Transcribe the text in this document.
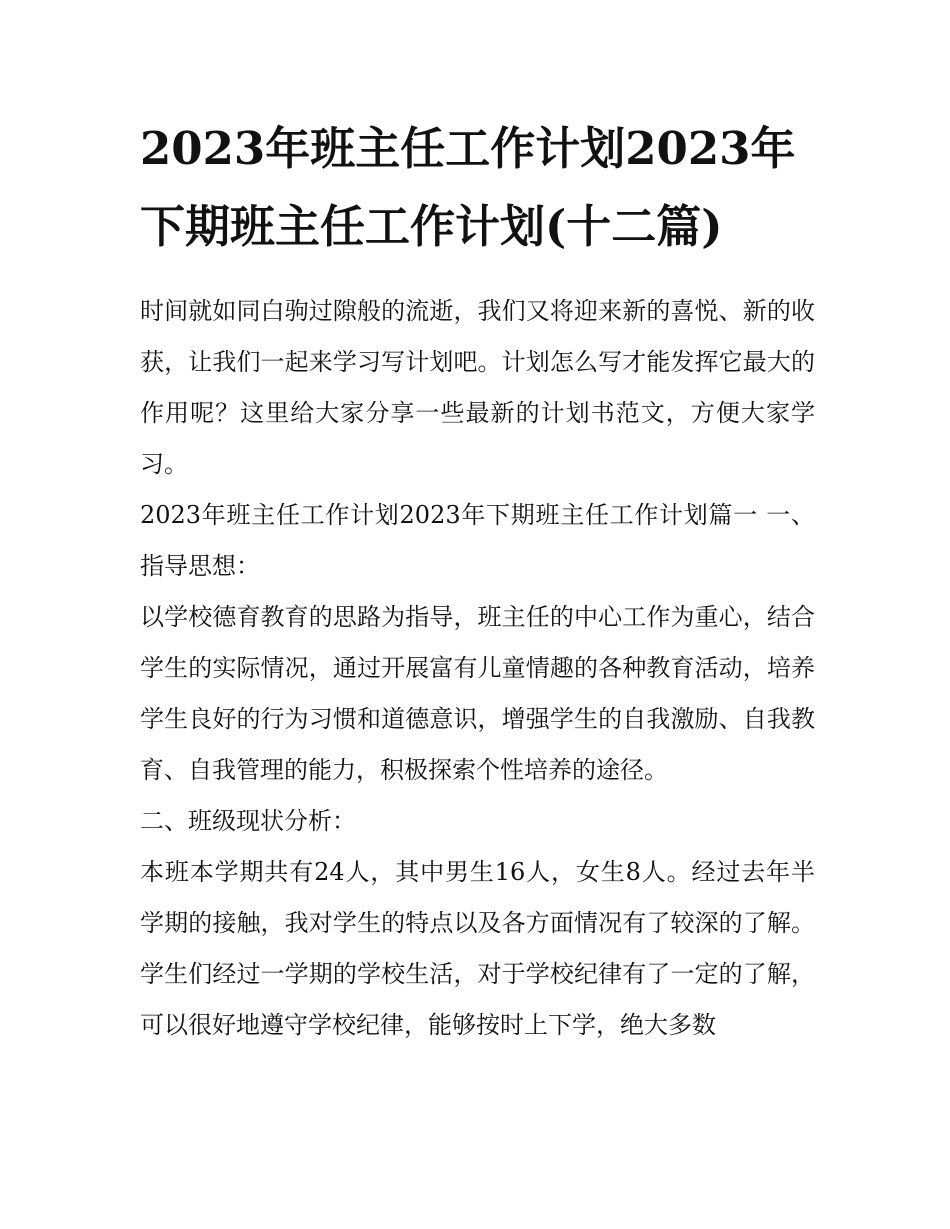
2023年班主任工作计划2023年下期班主任工作计划(十二篇)

时间就如同白驹过隙般的流逝，我们又将迎来新的喜悦、新的收获，让我们一起来学习写计划吧。计划怎么写才能发挥它最大的作用呢？这里给大家分享一些最新的计划书范文，方便大家学习。

2023年班主任工作计划2023年下期班主任工作计划篇一 一、指导思想：

以学校德育教育的思路为指导，班主任的中心工作为重心，结合学生的实际情况，通过开展富有儿童情趣的各种教育活动，培养学生良好的行为习惯和道德意识，增强学生的自我激励、自我教育、自我管理的能力，积极探索个性培养的途径。

二、班级现状分析：

本班本学期共有24人，其中男生16人，女生8人。经过去年半学期的接触，我对学生的特点以及各方面情况有了较深的了解。学生们经过一学期的学校生活，对于学校纪律有了一定的了解，可以很好地遵守学校纪律，能够按时上下学，绝大多数
